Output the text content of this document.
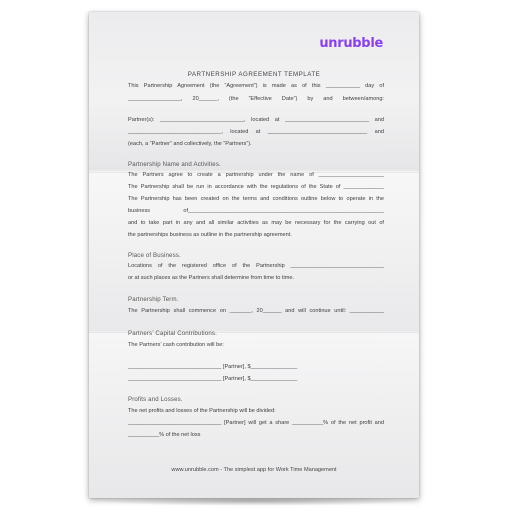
unrubble
PARTNERSHIP AGREEMENT TEMPLATE
This Partnership Agreement (the “Agreement”) is made as of this ___________ day of
_________________, 20______, (the “Effective Date”) by and between/among:
Partner(s): ___________________________, located at ___________________________ and
______________________________, located at ________________________________ and
(each, a “Partner” and collectively, the “Partners”).
Partnership Name and Activities.
The Partners agree to create a partnership under the name of _____________________
The Partnership shall be run in accordance with the regulations of the State of _____________
The Partnership has been created on the terms and conditions outline below to operate in the
business of_______________________________________________________________
and to take part in any and all similar activities as may be necessary for the carrying out of
the partnerships business as outline in the partnership agreement.
Place of Business.
Locations of the registered office of the Partnership ______________________________
or at such places as the Partners shall determine from time to time.
Partnership Term.
The Partnership shall commence on _______, 20______ and will continue until: ___________
Partners’ Capital Contributions.
The Partners’ cash contribution will be:
______________________________ [Partner], $_______________
______________________________ [Partner], $_______________
Profits and Losses.
The net profits and losses of the Partnership will be divided:
______________________________ [Partner] will get a share __________% of the net profit and
__________% of the net loss
www.unrubble.com - The simplest app for Work Time Management
